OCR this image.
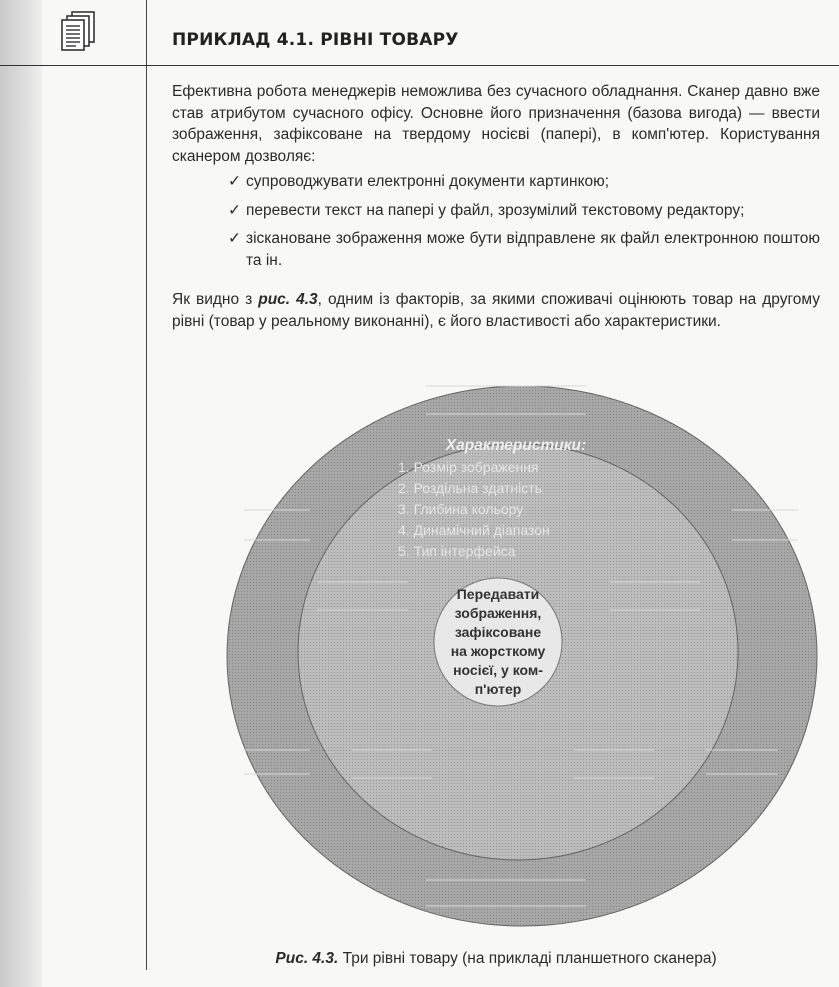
ПРИКЛАД 4.1. РІВНІ ТОВАРУ

Ефективна робота менеджерів неможлива без сучасного обладнання. Сканер давно вже став атрибутом сучасного офісу. Основне його призначення (базова вигода) — ввести зображення, зафіксоване на твердому носієві (папері), в комп'ютер. Користування сканером дозволяє:

✓ супроводжувати електронні документи картинкою;
✓ перевести текст на папері у файл, зрозумілий текстовому редактору;
✓ зіскановане зображення може бути відправлене як файл електронною поштою та ін.

Як видно з рис. 4.3, одним із факторів, за якими споживачі оцінюють товар на другому рівні (товар у реальному виконанні), є його властивості або характеристики.

Характеристики:
1. Розмір зображення
2. Роздільна здатність
3. Глибина кольору
4. Динамічний діапазон
5. Тип інтерфейса
Передавати
зображення,
зафіксоване
на жорсткому
носієї, у ком-
п'ютер

Рис. 4.3. Три рівні товару (на прикладі планшетного сканера)
